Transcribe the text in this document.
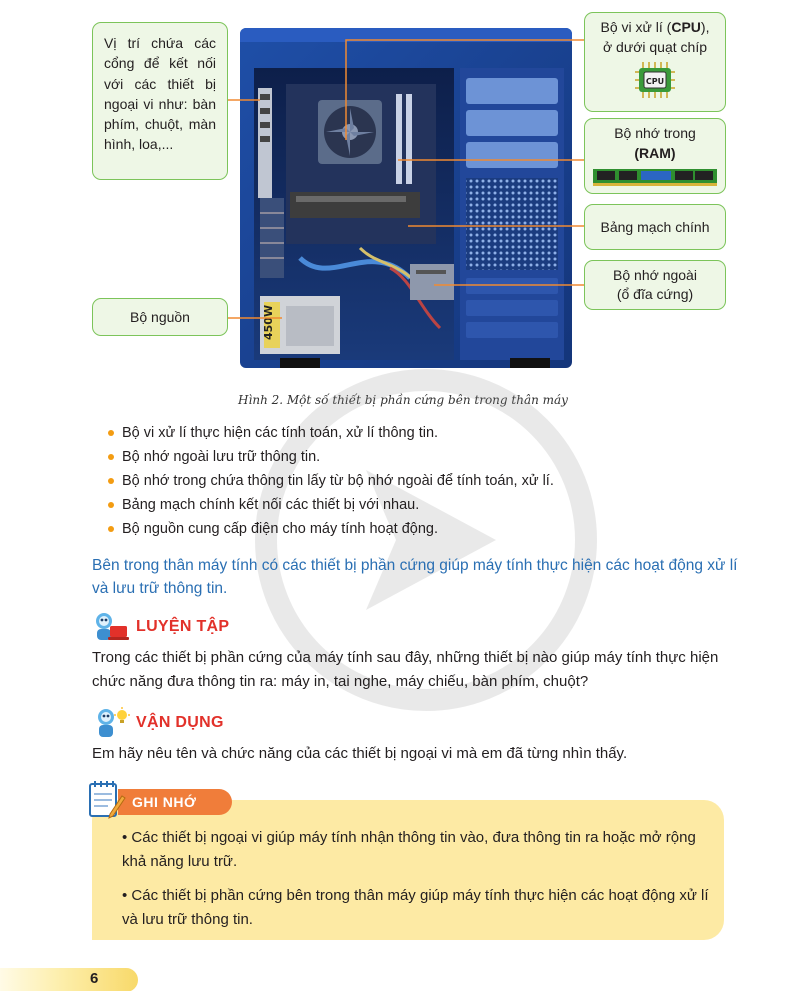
450W
Vị trí chứa các cổng để kết nối với các thiết bị ngoại vi như: bàn phím, chuột, màn hình, loa,...
Bộ nguồn
Bộ vi xử lí (CPU),
ở dưới quạt chíp
CPU
Bộ nhớ trong
(RAM)
Bảng mạch chính
Bộ nhớ ngoài
(ổ đĩa cứng)
Hình 2. Một số thiết bị phần cứng bên trong thân máy
Bộ vi xử lí thực hiện các tính toán, xử lí thông tin.
Bộ nhớ ngoài lưu trữ thông tin.
Bộ nhớ trong chứa thông tin lấy từ bộ nhớ ngoài để tính toán, xử lí.
Bảng mạch chính kết nối các thiết bị với nhau.
Bộ nguồn cung cấp điện cho máy tính hoạt động.
Bên trong thân máy tính có các thiết bị phần cứng giúp máy tính thực hiện các hoạt động xử lí và lưu trữ thông tin.
LUYỆN TẬP
Trong các thiết bị phần cứng của máy tính sau đây, những thiết bị nào giúp máy tính thực hiện chức năng đưa thông tin ra: máy in, tai nghe, máy chiếu, bàn phím, chuột?
VẬN DỤNG
Em hãy nêu tên và chức năng của các thiết bị ngoại vi mà em đã từng nhìn thấy.
GHI NHỚ
• Các thiết bị ngoại vi giúp máy tính nhận thông tin vào, đưa thông tin ra hoặc mở rộng khả năng lưu trữ.
• Các thiết bị phần cứng bên trong thân máy giúp máy tính thực hiện các hoạt động xử lí và lưu trữ thông tin.
6
